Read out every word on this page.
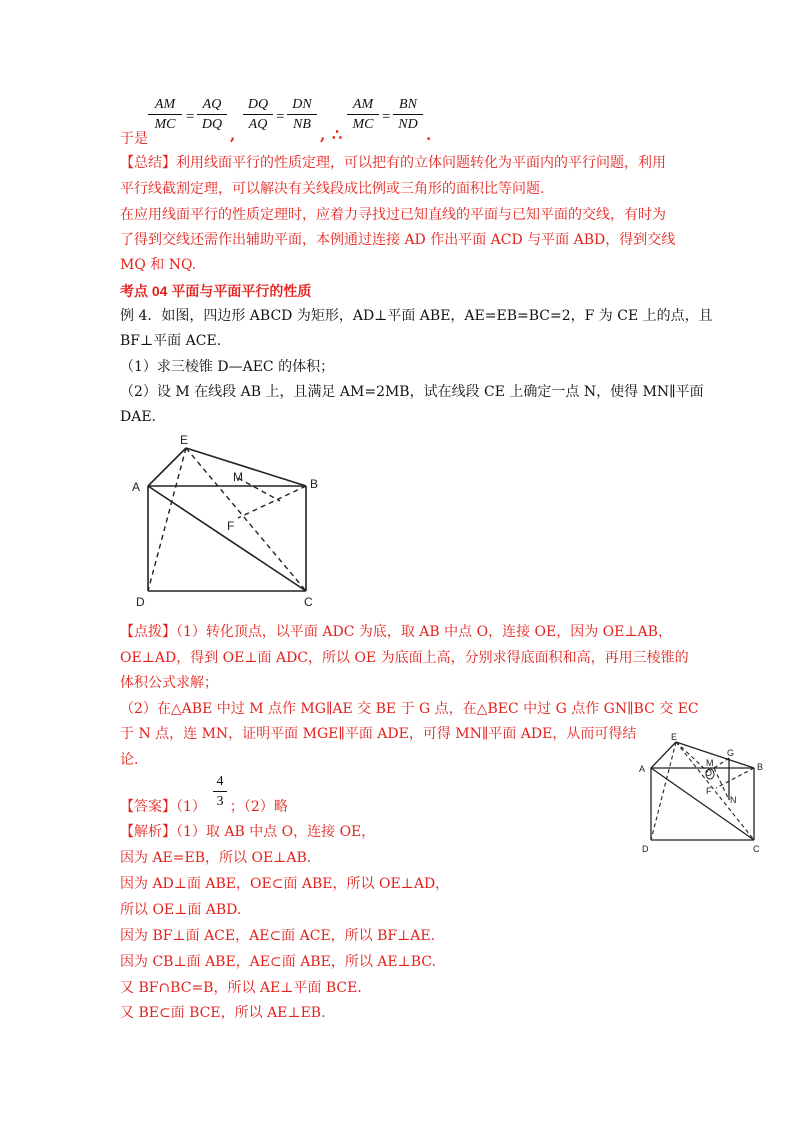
AM
MC =
AQ
DQ
DQ
AQ =
DN
NB
AM
MC =
BN
ND
于是	,	, ∴	.
【总结】利用线面平行的性质定理，可以把有的立体问题转化为平面内的平行问题，利用
平行线截割定理，可以解决有关线段成比例或三角形的面积比等问题.
在应用线面平行的性质定理时，应着力寻找过已知直线的平面与已知平面的交线，有时为
了得到交线还需作出辅助平面，本例通过连接 AD 作出平面 ACD 与平面 ABD，得到交线
MQ 和 NQ.
考点 04 平面与平面平行的性质
例 4．如图，四边形 ABCD 为矩形，AD⊥平面 ABE，AE=EB=BC=2，F 为 CE 上的点，且
BF⊥平面 ACE.
（1）求三棱锥 D—AEC 的体积；
（2）设 M 在线段 AB 上，且满足 AM=2MB，试在线段 CE 上确定一点 N，使得 MN∥平面
DAE.
E
A	B
M
F
D	C
【点拨】（1）转化顶点，以平面 ADC 为底，取 AB 中点 O，连接 OE，因为 OE⊥AB，
OE⊥AD，得到 OE⊥面 ADC，所以 OE 为底面上高，分别求得底面积和高，再用三棱锥的
体积公式求解；
（2）在△ABE 中过 M 点作 MG∥AE 交 BE 于 G 点，在△BEC 中过 G 点作 GN∥BC 交 EC
于 N 点，连 MN，证明平面 MGE∥平面 ADE，可得 MN∥平面 ADE，从而可得结
论.
E
G
A
M
O
B
F
N
D	C
【答案】（1） ；（2）略
4
3
【解析】（1）取 AB 中点 O，连接 OE，
因为 AE=EB，所以 OE⊥AB.
因为 AD⊥面 ABE，OE⊂面 ABE，所以 OE⊥AD，
所以 OE⊥面 ABD.
因为 BF⊥面 ACE，AE⊂面 ACE，所以 BF⊥AE.
因为 CB⊥面 ABE，AE⊂面 ABE，所以 AE⊥BC.
又 BF∩BC=B，所以 AE⊥平面 BCE.
又 BE⊂面 BCE，所以 AE⊥EB.
